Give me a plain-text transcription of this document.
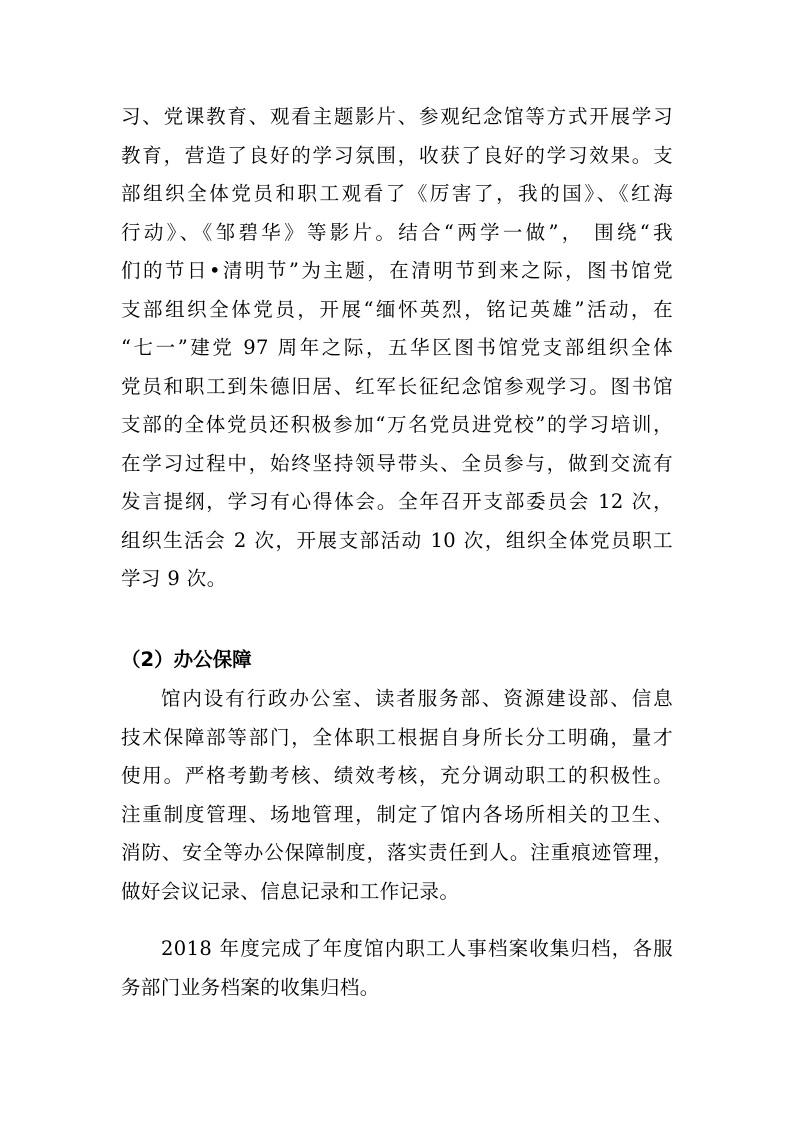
习、党课教育、观看主题影片、参观纪念馆等方式开展学习
教育，营造了良好的学习氛围，收获了良好的学习效果。支
部组织全体党员和职工观看了《厉害了，我的国》、《红海
行动》、《邹碧华》等影片。结合“两学一做”， 围绕“我
们的节日•清明节”为主题，在清明节到来之际，图书馆党
支部组织全体党员，开展“缅怀英烈，铭记英雄”活动，在
“七一”建党 97 周年之际，五华区图书馆党支部组织全体
党员和职工到朱德旧居、红军长征纪念馆参观学习。图书馆
支部的全体党员还积极参加“万名党员进党校”的学习培训，
在学习过程中，始终坚持领导带头、全员参与，做到交流有
发言提纲，学习有心得体会。全年召开支部委员会 12 次，
组织生活会 2 次，开展支部活动 10 次，组织全体党员职工
学习 9 次。
（2）办公保障
馆内设有行政办公室、读者服务部、资源建设部、信息
技术保障部等部门，全体职工根据自身所长分工明确，量才
使用。严格考勤考核、绩效考核，充分调动职工的积极性。
注重制度管理、场地管理，制定了馆内各场所相关的卫生、
消防、安全等办公保障制度，落实责任到人。注重痕迹管理，
做好会议记录、信息记录和工作记录。
2018 年度完成了年度馆内职工人事档案收集归档，各服
务部门业务档案的收集归档。
